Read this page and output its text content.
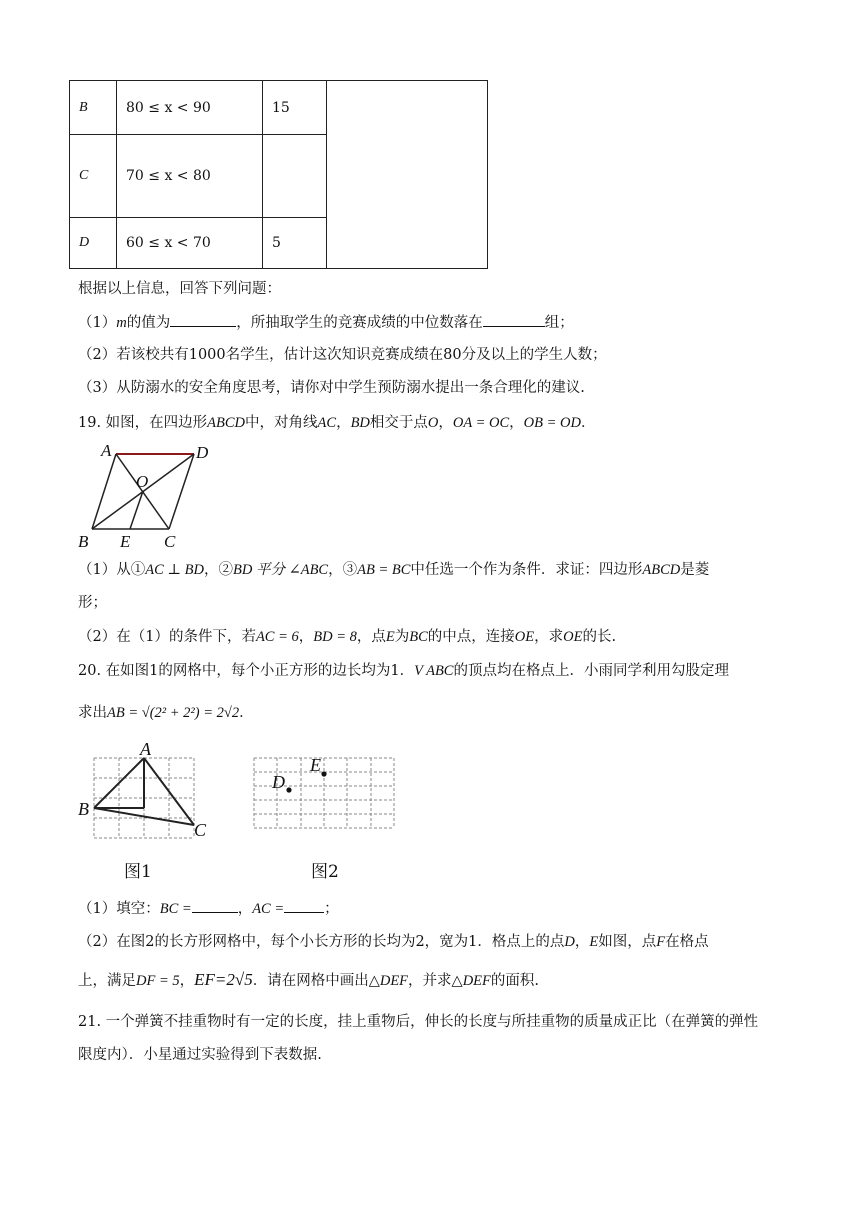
B	80 ≤ x < 90	15	
C	70 ≤ x < 80		
D	60 ≤ x < 70	5	
根据以上信息，回答下列问题：
（1）m的值为	，所抽取学生的竞赛成绩的中位数落在	组；
（2）若该校共有1000名学生，估计这次知识竞赛成绩在80分及以上的学生人数；
（3）从防溺水的安全角度思考，请你对中学生预防溺水提出一条合理化的建议.
19. 如图，在四边形ABCD中，对角线AC，BD相交于点O，OA = OC，OB = OD．
A	D
O
B E C
（1）从①AC ⊥ BD，②BD 平分 ∠ABC，③AB = BC中任选一个作为条件．求证：四边形ABCD是菱
形；
（2）在（1）的条件下，若AC = 6，BD = 8，点E为BC的中点，连接OE，求OE的长.
20. 在如图1的网格中，每个小正方形的边长均为1．V ABC的顶点均在格点上．小雨同学利用勾股定理
求出AB = √(2² + 2²) = 2√2．
A
B
C
图1
D
E
图2
（1）填空：BC =	，AC =	；
（2）在图2的长方形网格中，每个小长方形的长均为2，宽为1．格点上的点D，E如图，点F在格点
上，满足DF = 5，EF=2√5．请在网格中画出△DEF，并求△DEF的面积.
21. 一个弹簧不挂重物时有一定的长度，挂上重物后，伸长的长度与所挂重物的质量成正比（在弹簧的弹性
限度内）．小星通过实验得到下表数据.
